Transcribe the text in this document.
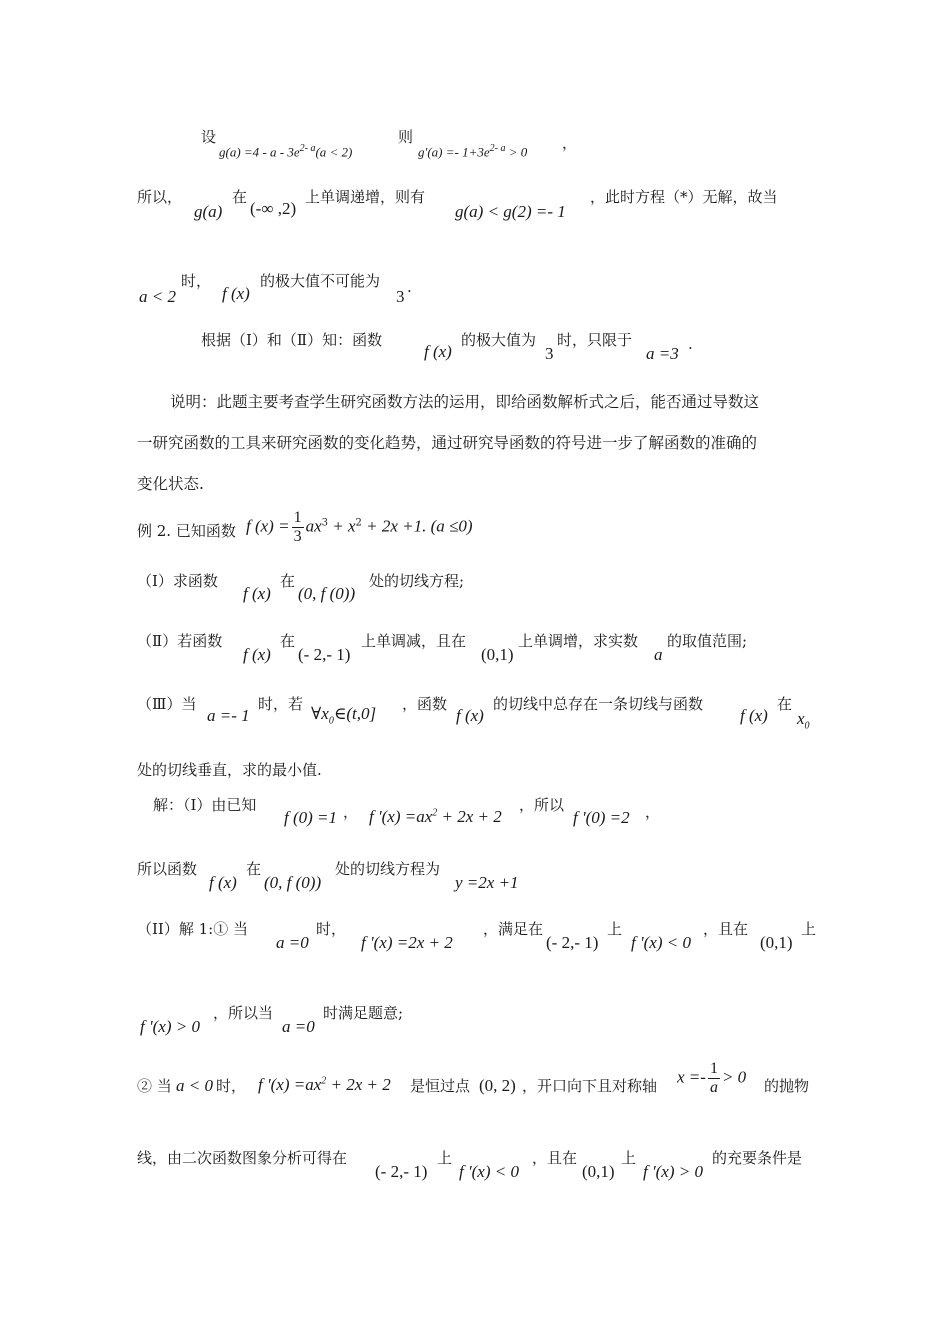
设
$g(a) =4 - a - 3e^{2- a}(a < 2)$
则
$g'(a) =- 1+3e^{2- a} > 0$ ，
所以，
g(a)
在
(-∞ ,2)
上单调递增，则有
g(a) < g(2) =- 1
，此时方程（*）无解，故当
a < 2
时，
f (x)
的极大值不可能为
3 .
根据（Ⅰ）和（Ⅱ）知：函数
f (x)
的极大值为
3
时，只限于
a =3 .
说明：此题主要考查学生研究函数方法的运用，即给函数解析式之后，能否通过导数这
一研究函数的工具来研究函数的变化趋势，通过研究导函数的符号进一步了解函数的准确的
变化状态.
例 2. 已知函数 f $(x) = \frac{1}{3} ax^3 + x^2 + 2x +1$. (a ≤0)
（Ⅰ）求函数
f (x)
在
(0, f (0))
处的切线方程;
（Ⅱ）若函数
f (x)
在
(- 2,- 1)
上单调减，且在
(0,1)
上单调增，求实数
a
的取值范围;
（Ⅲ）当
a =- 1
时，若 $\forall x_0\in(t,0]$ ，函数
f (x)
的切线中总存在一条切线与函数
f (x)
在
$x_0$
处的切线垂直，求的最小值.
解：（I）由已知
f (0) =1 ， f '$(x) =ax^2 + 2x + 2$
，所以
f '(0) =2 ，
所以函数
f (x)
在
(0, f (0))
处的切线方程为
y =2x +1
（II）解 1:① 当
a =0
时，
f '(x) =2x + 2
，满足在
(- 2,- 1)
上
f '(x) < 0
，且在
(0,1)
上
f '(x) > 0
，所以当
a =0
时满足题意;
② 当 a < 0 时， f '$(x) =ax^2 + 2x + 2$ 是恒过点 (0, 2) ，开口向下且对称轴 $x =- \frac{1}{a} > 0$ 的抛物
线，由二次函数图象分析可得在
(- 2,- 1)
上
f '(x) < 0
，且在
(0,1)
上
f '(x) > 0
的充要条件是
